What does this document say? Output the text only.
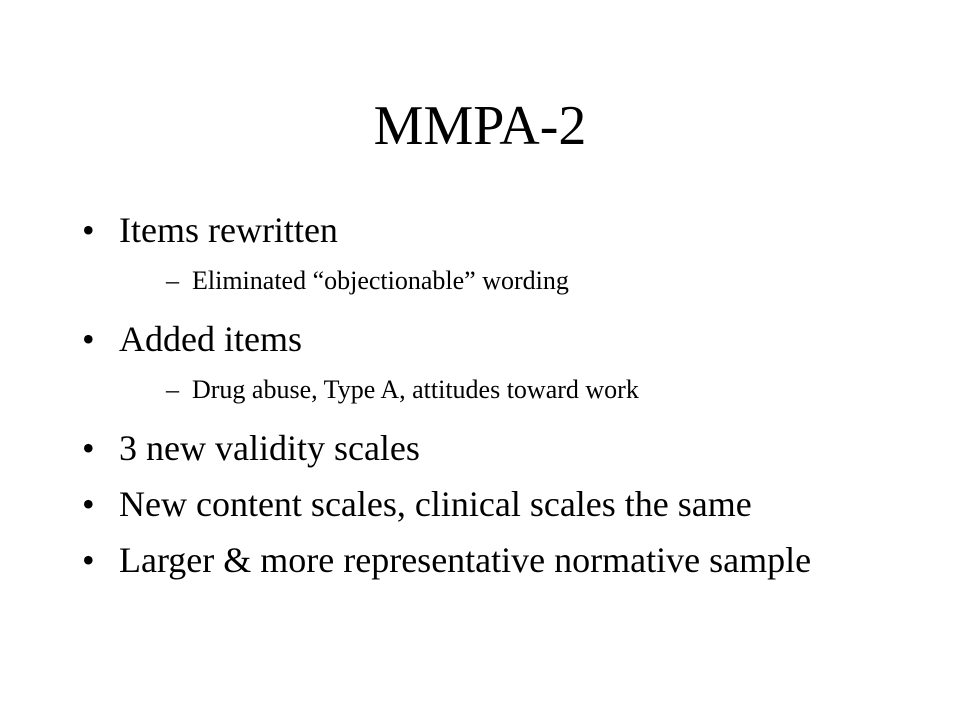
MMPA-2
• Items rewritten
– Eliminated “objectionable” wording
• Added items
– Drug abuse, Type A, attitudes toward work
• 3 new validity scales
• New content scales, clinical scales the same
• Larger & more representative normative sample
